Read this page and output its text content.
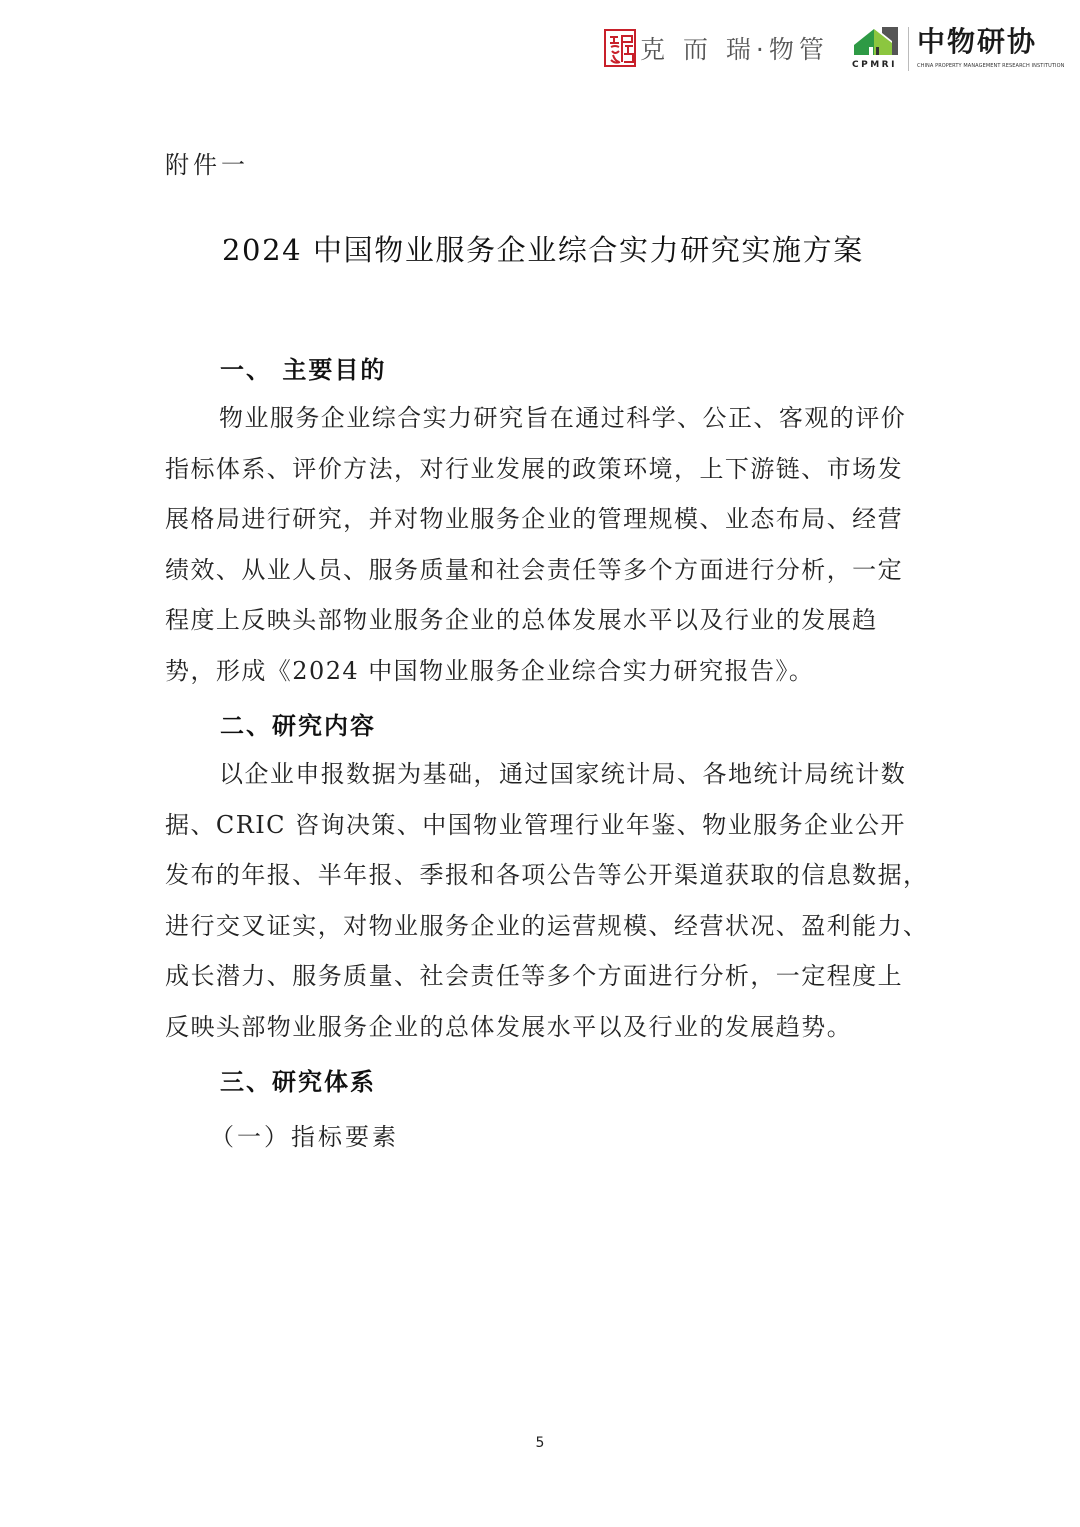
克 而 瑞·物管
CPMRI
中物研协
CHINA PROPERTY MANAGEMENT RESEARCH INSTITUTION
附件一
2024 中国物业服务企业综合实力研究实施方案
一、 主要目的
物业服务企业综合实力研究旨在通过科学、公正、客观的评价
指标体系、评价方法，对行业发展的政策环境，上下游链、市场发
展格局进行研究，并对物业服务企业的管理规模、业态布局、经营
绩效、从业人员、服务质量和社会责任等多个方面进行分析，一定
程度上反映头部物业服务企业的总体发展水平以及行业的发展趋
势，形成《2024 中国物业服务企业综合实力研究报告》。
二、研究内容
以企业申报数据为基础，通过国家统计局、各地统计局统计数
据、CRIC 咨询决策、中国物业管理行业年鉴、物业服务企业公开
发布的年报、半年报、季报和各项公告等公开渠道获取的信息数据，
进行交叉证实，对物业服务企业的运营规模、经营状况、盈利能力、
成长潜力、服务质量、社会责任等多个方面进行分析，一定程度上
反映头部物业服务企业的总体发展水平以及行业的发展趋势。
三、研究体系
（一）指标要素
5
